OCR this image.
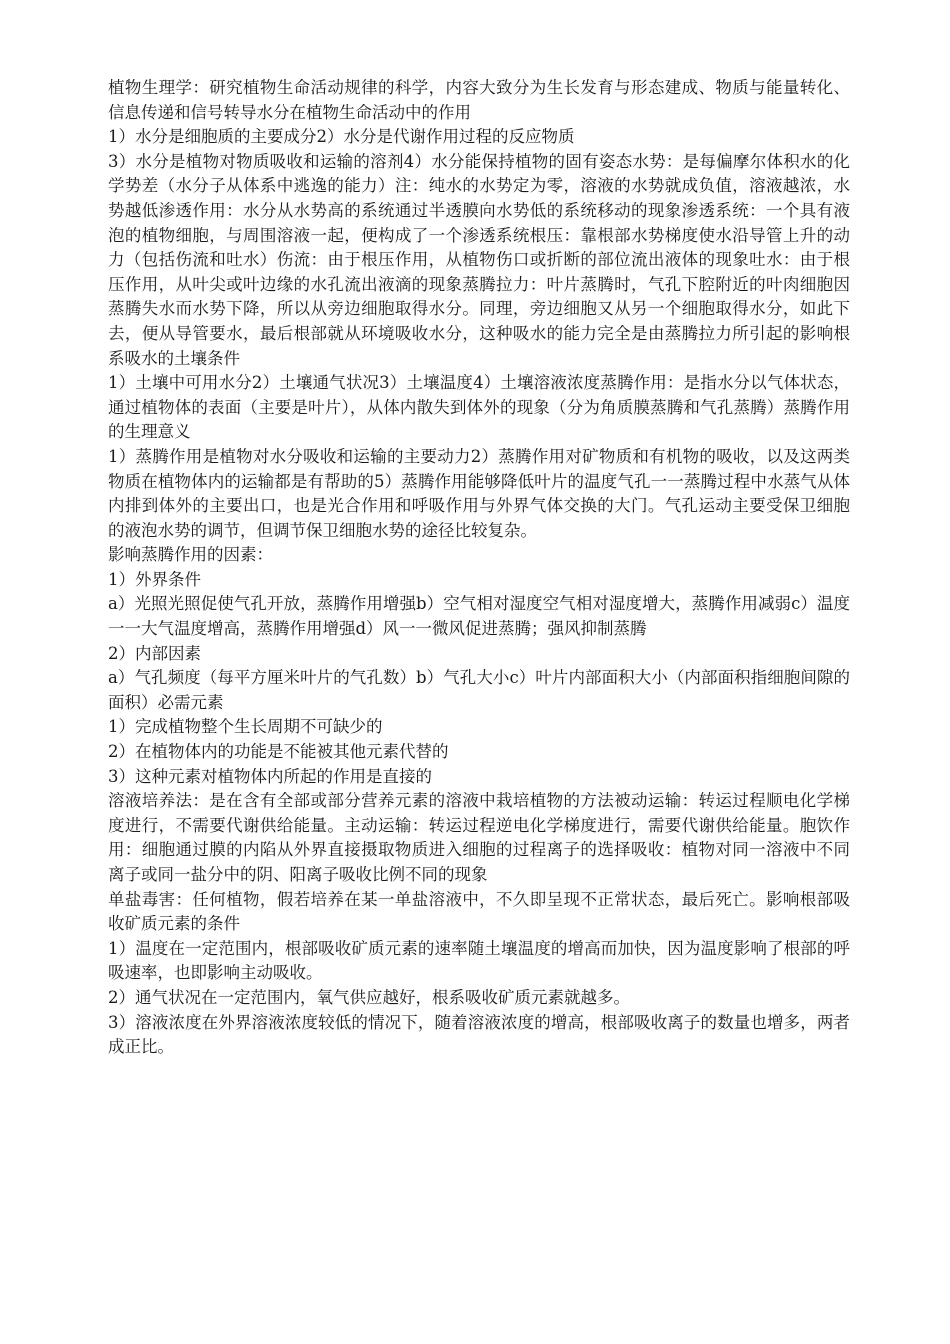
植物生理学：研究植物生命活动规律的科学，内容大致分为生长发育与形态建成、物质与能量转化、信息传递和信号转导水分在植物生命活动中的作用

1）水分是细胞质的主要成分2）水分是代谢作用过程的反应物质

3）水分是植物对物质吸收和运输的溶剂4）水分能保持植物的固有姿态水势：是每偏摩尔体积水的化学势差（水分子从体系中逃逸的能力）注：纯水的水势定为零，溶液的水势就成负值，溶液越浓，水势越低渗透作用：水分从水势高的系统通过半透膜向水势低的系统移动的现象渗透系统：一个具有液泡的植物细胞，与周围溶液一起，便构成了一个渗透系统根压：靠根部水势梯度使水沿导管上升的动力（包括伤流和吐水）伤流：由于根压作用，从植物伤口或折断的部位流出液体的现象吐水：由于根压作用，从叶尖或叶边缘的水孔流出液滴的现象蒸腾拉力：叶片蒸腾时，气孔下腔附近的叶肉细胞因蒸腾失水而水势下降，所以从旁边细胞取得水分。同理，旁边细胞又从另一个细胞取得水分，如此下去，便从导管要水，最后根部就从环境吸收水分，这种吸水的能力完全是由蒸腾拉力所引起的影响根系吸水的土壤条件

1）土壤中可用水分2）土壤通气状况3）土壤温度4）土壤溶液浓度蒸腾作用：是指水分以气体状态，通过植物体的表面（主要是叶片），从体内散失到体外的现象（分为角质膜蒸腾和气孔蒸腾）蒸腾作用的生理意义

1）蒸腾作用是植物对水分吸收和运输的主要动力2）蒸腾作用对矿物质和有机物的吸收，以及这两类物质在植物体内的运输都是有帮助的5）蒸腾作用能够降低叶片的温度气孔一一蒸腾过程中水蒸气从体内排到体外的主要出口，也是光合作用和呼吸作用与外界气体交换的大门。气孔运动主要受保卫细胞的液泡水势的调节，但调节保卫细胞水势的途径比较复杂。

影响蒸腾作用的因素：

1）外界条件

a）光照光照促使气孔开放，蒸腾作用增强b）空气相对湿度空气相对湿度增大，蒸腾作用减弱c）温度一一大气温度增高，蒸腾作用增强d）风一一微风促进蒸腾；强风抑制蒸腾

2）内部因素

a）气孔频度（每平方厘米叶片的气孔数）b）气孔大小c）叶片内部面积大小（内部面积指细胞间隙的面积）必需元素

1）完成植物整个生长周期不可缺少的

2）在植物体内的功能是不能被其他元素代替的

3）这种元素对植物体内所起的作用是直接的

溶液培养法：是在含有全部或部分营养元素的溶液中栽培植物的方法被动运输：转运过程顺电化学梯度进行，不需要代谢供给能量。主动运输：转运过程逆电化学梯度进行，需要代谢供给能量。胞饮作用：细胞通过膜的内陷从外界直接摄取物质进入细胞的过程离子的选择吸收：植物对同一溶液中不同离子或同一盐分中的阴、阳离子吸收比例不同的现象

单盐毒害：任何植物，假若培养在某一单盐溶液中，不久即呈现不正常状态，最后死亡。影响根部吸收矿质元素的条件

1）温度在一定范围内，根部吸收矿质元素的速率随土壤温度的增高而加快，因为温度影响了根部的呼吸速率，也即影响主动吸收。

2）通气状况在一定范围内，氧气供应越好，根系吸收矿质元素就越多。

3）溶液浓度在外界溶液浓度较低的情况下，随着溶液浓度的增高，根部吸收离子的数量也增多，两者成正比。
